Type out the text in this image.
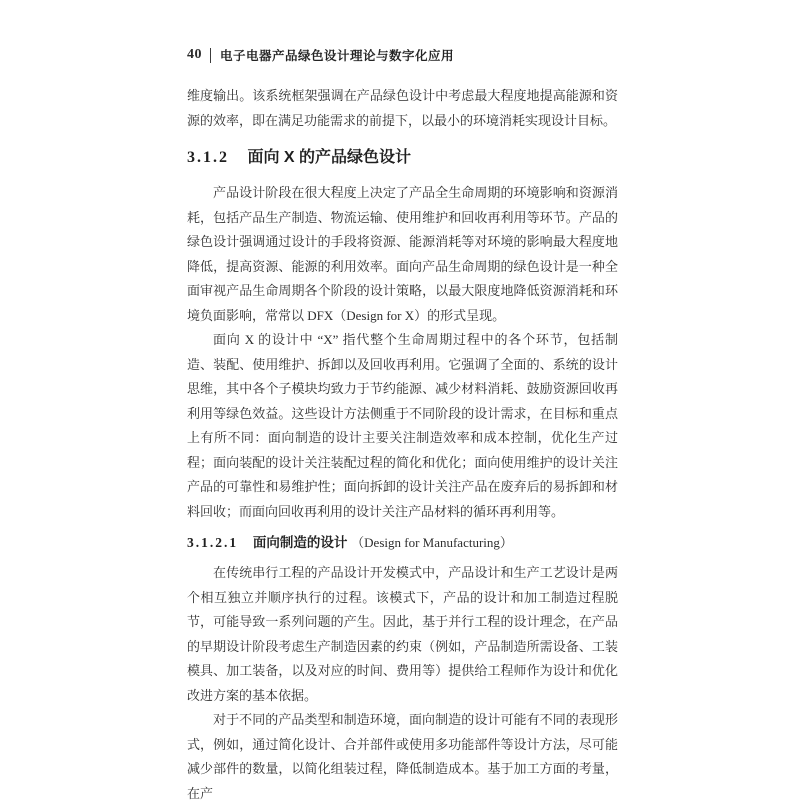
40 电子电器产品绿色设计理论与数字化应用

维度输出。该系统框架强调在产品绿色设计中考虑最大程度地提高能源和资源的效率，即在满足功能需求的前提下，以最小的环境消耗实现设计目标。

3.1.2 面向 X 的产品绿色设计

产品设计阶段在很大程度上决定了产品全生命周期的环境影响和资源消耗，包括产品生产制造、物流运输、使用维护和回收再利用等环节。产品的绿色设计强调通过设计的手段将资源、能源消耗等对环境的影响最大程度地降低，提高资源、能源的利用效率。面向产品生命周期的绿色设计是一种全面审视产品生命周期各个阶段的设计策略，以最大限度地降低资源消耗和环境负面影响，常常以 DFX（Design for X）的形式呈现。

面向 X 的设计中 “X” 指代整个生命周期过程中的各个环节，包括制造、装配、使用维护、拆卸以及回收再利用。它强调了全面的、系统的设计思维，其中各个子模块均致力于节约能源、减少材料消耗、鼓励资源回收再利用等绿色效益。这些设计方法侧重于不同阶段的设计需求，在目标和重点上有所不同：面向制造的设计主要关注制造效率和成本控制，优化生产过程；面向装配的设计关注装配过程的简化和优化；面向使用维护的设计关注产品的可靠性和易维护性；面向拆卸的设计关注产品在废弃后的易拆卸和材料回收；而面向回收再利用的设计关注产品材料的循环再利用等。

3.1.2.1 面向制造的设计 （Design for Manufacturing）

在传统串行工程的产品设计开发模式中，产品设计和生产工艺设计是两个相互独立并顺序执行的过程。该模式下，产品的设计和加工制造过程脱节，可能导致一系列问题的产生。因此，基于并行工程的设计理念，在产品的早期设计阶段考虑生产制造因素的约束（例如，产品制造所需设备、工装模具、加工装备，以及对应的时间、费用等）提供给工程师作为设计和优化改进方案的基本依据。

对于不同的产品类型和制造环境，面向制造的设计可能有不同的表现形式，例如，通过简化设计、合并部件或使用多功能部件等设计方法，尽可能减少部件的数量，以简化组装过程，降低制造成本。基于加工方面的考量，在产
